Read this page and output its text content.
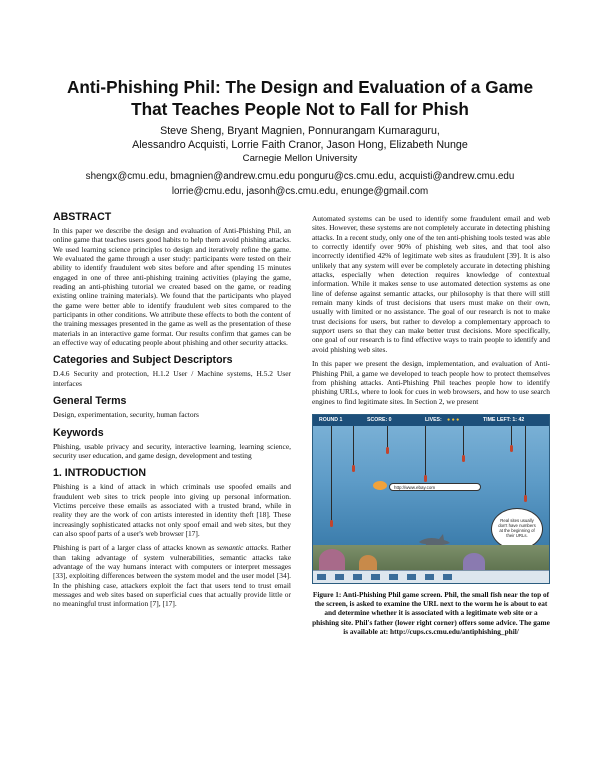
Anti-Phishing Phil: The Design and Evaluation of a Game
That Teaches People Not to Fall for Phish
Steve Sheng, Bryant Magnien, Ponnurangam Kumaraguru,
Alessandro Acquisti, Lorrie Faith Cranor, Jason Hong, Elizabeth Nunge
Carnegie Mellon University
shengx@cmu.edu, bmagnien@andrew.cmu.edu ponguru@cs.cmu.edu, acquisti@andrew.cmu.edu
lorrie@cmu.edu, jasonh@cs.cmu.edu, enunge@gmail.com
ABSTRACT

In this paper we describe the design and evaluation of Anti-Phishing Phil, an online game that teaches users good habits to help them avoid phishing attacks. We used learning science principles to design and iteratively refine the game. We evaluated the game through a user study: participants were tested on their ability to identify fraudulent web sites before and after spending 15 minutes engaged in one of three anti-phishing training activities (playing the game, reading an anti-phishing tutorial we created based on the game, or reading existing online training materials). We found that the participants who played the game were better able to identify fraudulent web sites compared to the participants in other conditions. We attribute these effects to both the content of the training messages presented in the game as well as the presentation of these materials in an interactive game format. Our results confirm that games can be an effective way of educating people about phishing and other security attacks.

Categories and Subject Descriptors

D.4.6 Security and protection, H.1.2 User / Machine systems, H.5.2 User interfaces

General Terms

Design, experimentation, security, human factors

Keywords

Phishing, usable privacy and security, interactive learning, learning science, security user education, and game design, development and testing

1. INTRODUCTION

Phishing is a kind of attack in which criminals use spoofed emails and fraudulent web sites to trick people into giving up personal information. Victims perceive these emails as associated with a trusted brand, while in reality they are the work of con artists interested in identity theft [18]. These increasingly sophisticated attacks not only spoof email and web sites, but they can also spoof parts of a user's web browser [17].

Phishing is part of a larger class of attacks known as semantic attacks. Rather than taking advantage of system vulnerabilities, semantic attacks take advantage of the way humans interact with computers or interpret messages [33], exploiting differences between the system model and the user model [34]. In the phishing case, attackers exploit the fact that users tend to trust email messages and web sites based on superficial cues that actually provide little or no meaningful trust information [7], [17].

Automated systems can be used to identify some fraudulent email and web sites. However, these systems are not completely accurate in detecting phishing attacks. In a recent study, only one of the ten anti-phishing tools tested was able to correctly identify over 90% of phishing web sites, and that tool also incorrectly identified 42% of legitimate web sites as fraudulent [39]. It is also unlikely that any system will ever be completely accurate in detecting phishing attacks, especially when detection requires knowledge of contextual information. While it makes sense to use automated detection systems as one line of defense against semantic attacks, our philosophy is that there will still remain many kinds of trust decisions that users must make on their own, usually with limited or no assistance. The goal of our research is not to make trust decisions for users, but rather to develop a complementary approach to support users so that they can make better trust decisions. More specifically, one goal of our research is to find effective ways to train people to identify and avoid phishing web sites.

In this paper we present the design, implementation, and evaluation of Anti-Phishing Phil, a game we developed to teach people how to protect themselves from phishing attacks. Anti-Phishing Phil teaches people how to identify phishing URLs, where to look for cues in web browsers, and how to use search engines to find legitimate sites. In Section 2, we present

ROUND 1	SCORE: 0	LIVES: ● ● ●	TIME LEFT: 1: 42
http://www.ebay.com
Real sites usually don't have numbers at the beginning of their URLs.
Figure 1: Anti-Phishing Phil game screen. Phil, the small fish near the top of the screen, is asked to examine the URL next to the worm he is about to eat and determine whether it is associated with a legitimate web site or a phishing site. Phil's father (lower right corner) offers some advice. The game is available at: http://cups.cs.cmu.edu/antiphishing_phil/
